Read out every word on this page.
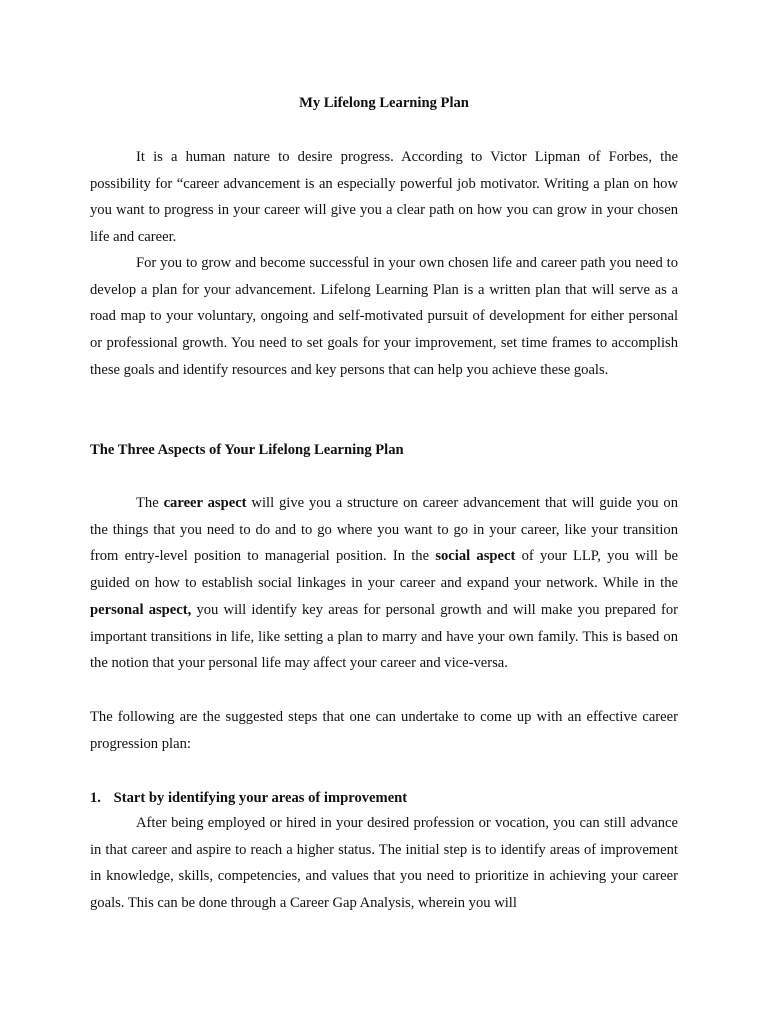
My Lifelong Learning Plan

It is a human nature to desire progress. According to Victor Lipman of Forbes, the possibility for “career advancement is an especially powerful job motivator. Writing a plan on how you want to progress in your career will give you a clear path on how you can grow in your chosen life and career.

For you to grow and become successful in your own chosen life and career path you need to develop a plan for your advancement. Lifelong Learning Plan is a written plan that will serve as a road map to your voluntary, ongoing and self-motivated pursuit of development for either personal or professional growth. You need to set goals for your improvement, set time frames to accomplish these goals and identify resources and key persons that can help you achieve these goals.

The Three Aspects of Your Lifelong Learning Plan

The career aspect will give you a structure on career advancement that will guide you on the things that you need to do and to go where you want to go in your career, like your transition from entry-level position to managerial position. In the social aspect of your LLP, you will be guided on how to establish social linkages in your career and expand your network. While in the personal aspect, you will identify key areas for personal growth and will make you prepared for important transitions in life, like setting a plan to marry and have your own family. This is based on the notion that your personal life may affect your career and vice-versa.

The following are the suggested steps that one can undertake to come up with an effective career progression plan:

1. Start by identifying your areas of improvement

After being employed or hired in your desired profession or vocation, you can still advance in that career and aspire to reach a higher status. The initial step is to identify areas of improvement in knowledge, skills, competencies, and values that you need to prioritize in achieving your career goals. This can be done through a Career Gap Analysis, wherein you will
